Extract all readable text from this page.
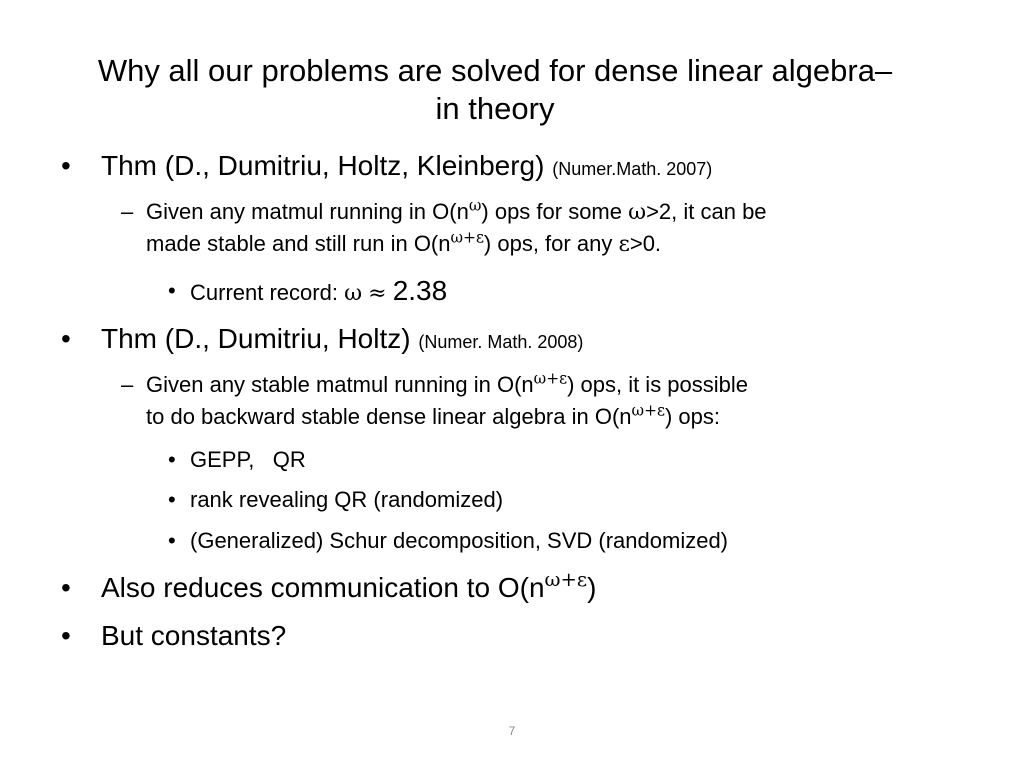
Why all our problems are solved for dense linear algebra–
in theory
• Thm (D., Dumitriu, Holtz, Kleinberg) (Numer.Math. 2007)
– Given any matmul running in $O(n^\omega)$ ops for some ω>2, it can be
made stable and still run in $O(n^{\omega+\varepsilon})$ ops, for any ε>0.
• Current record: ω ≈ 2.38
• Thm (D., Dumitriu, Holtz) (Numer. Math. 2008)
– Given any stable matmul running in $O(n^{\omega+\varepsilon})$ ops, it is possible
to do backward stable dense linear algebra in $O(n^{\omega+\varepsilon})$ ops:
• GEPP,   QR
• rank revealing QR (randomized)
• (Generalized) Schur decomposition, SVD (randomized)
• Also reduces communication to $O(n^{\omega+\varepsilon})$
• But constants?
7
